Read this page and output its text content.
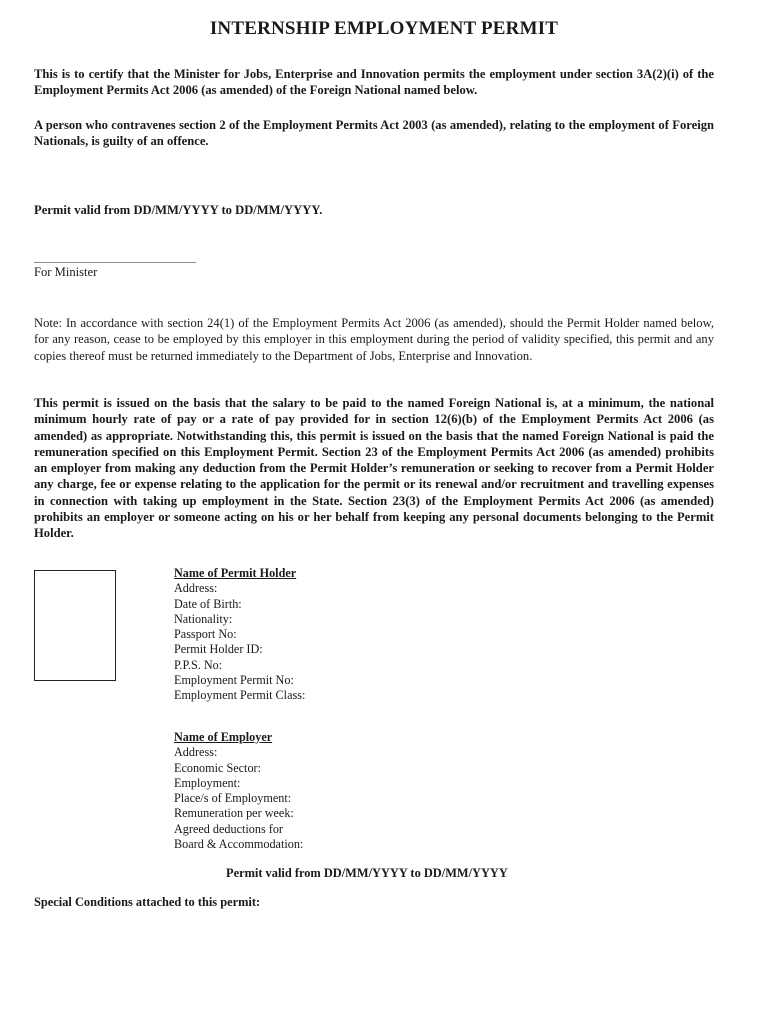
INTERNSHIP EMPLOYMENT PERMIT
This is to certify that the Minister for Jobs, Enterprise and Innovation permits the employment under section 3A(2)(i) of the Employment Permits Act 2006 (as amended) of the Foreign National named below.
A person who contravenes section 2 of the Employment Permits Act 2003 (as amended), relating to the employment of Foreign Nationals, is guilty of an offence.
Permit valid from DD/MM/YYYY to DD/MM/YYYY.
For Minister
Note: In accordance with section 24(1) of the Employment Permits Act 2006 (as amended), should the Permit Holder named below, for any reason, cease to be employed by this employer in this employment during the period of validity specified, this permit and any copies thereof must be returned immediately to the Department of Jobs, Enterprise and Innovation.
This permit is issued on the basis that the salary to be paid to the named Foreign National is, at a minimum, the national minimum hourly rate of pay or a rate of pay provided for in section 12(6)(b) of the Employment Permits Act 2006 (as amended) as appropriate. Notwithstanding this, this permit is issued on the basis that the named Foreign National is paid the remuneration specified on this Employment Permit. Section 23 of the Employment Permits Act 2006 (as amended) prohibits an employer from making any deduction from the Permit Holder’s remuneration or seeking to recover from a Permit Holder any charge, fee or expense relating to the application for the permit or its renewal and/or recruitment and travelling expenses in connection with taking up employment in the State. Section 23(3) of the Employment Permits Act 2006 (as amended) prohibits an employer or someone acting on his or her behalf from keeping any personal documents belonging to the Permit Holder.
Name of Permit Holder
Address:
Date of Birth:
Nationality:
Passport No:
Permit Holder ID:
P.P.S. No:
Employment Permit No:
Employment Permit Class:
Name of Employer
Address:
Economic Sector:
Employment:
Place/s of Employment:
Remuneration per week:
Agreed deductions for
Board & Accommodation:
Permit valid from DD/MM/YYYY to DD/MM/YYYY
Special Conditions attached to this permit:
